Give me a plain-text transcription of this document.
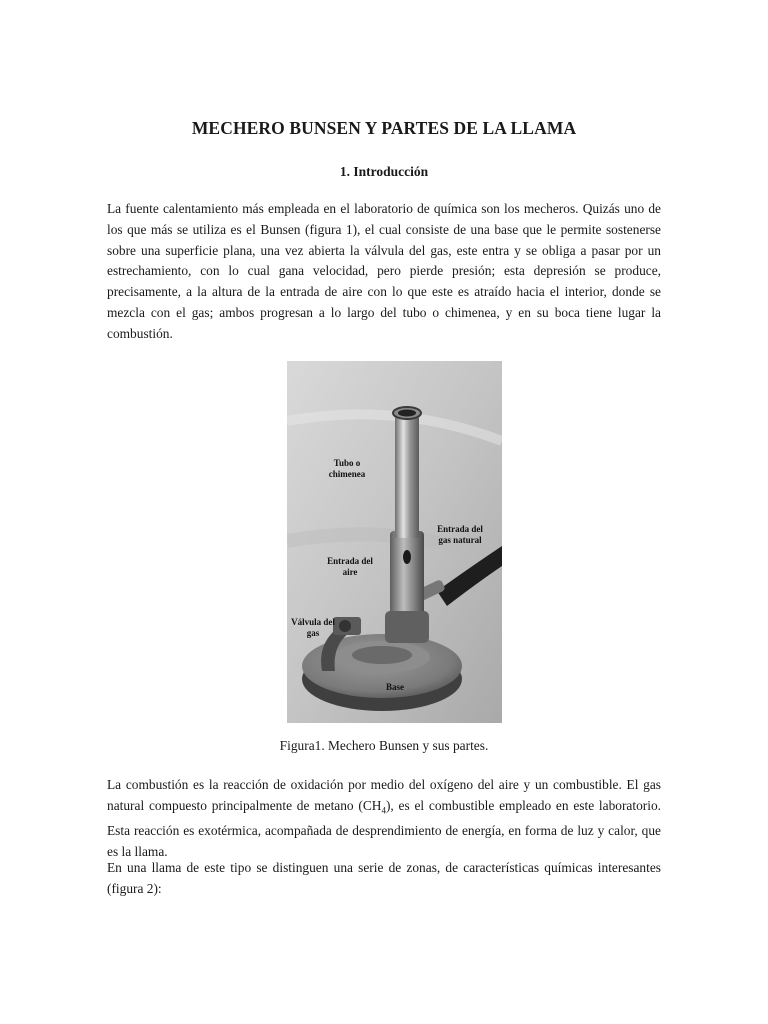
MECHERO BUNSEN Y PARTES DE LA LLAMA
1. Introducción

La fuente calentamiento más empleada en el laboratorio de química son los mecheros. Quizás uno de los que más se utiliza es el Bunsen (figura 1), el cual consiste de una base que le permite sostenerse sobre una superficie plana, una vez abierta la válvula del gas, este entra y se obliga a pasar por un estrechamiento, con lo cual gana velocidad, pero pierde presión; esta depresión se produce, precisamente, a la altura de la entrada de aire con lo que este es atraído hacia el interior, donde se mezcla con el gas; ambos progresan a lo largo del tubo o chimenea, y en su boca tiene lugar la combustión.

Tubo o chimenea
Entrada del gas natural
Entrada del aire
Válvula del gas
Base
Figura1. Mechero Bunsen y sus partes.

La combustión es la reacción de oxidación por medio del oxígeno del aire y un combustible. El gas natural compuesto principalmente de metano $(CH_4)$, es el combustible empleado en este laboratorio. Esta reacción es exotérmica, acompañada de desprendimiento de energía, en forma de luz y calor, que es la llama.

En una llama de este tipo se distinguen una serie de zonas, de características químicas interesantes (figura 2):
